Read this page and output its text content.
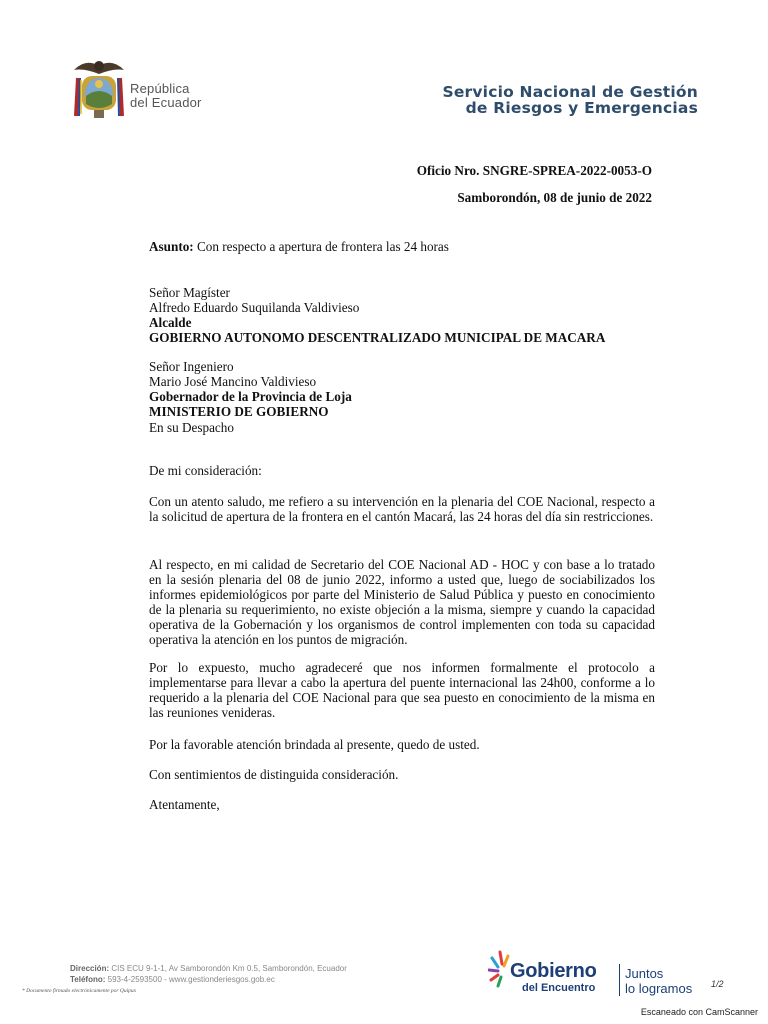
República
del Ecuador
Servicio Nacional de Gestión
de Riesgos y Emergencias
Oficio Nro. SNGRE-SPREA-2022-0053-O
Samborondón, 08 de junio de 2022
Asunto: Con respecto a apertura de frontera las 24 horas
Señor Magíster
Alfredo Eduardo Suquilanda Valdivieso
Alcalde
GOBIERNO AUTONOMO DESCENTRALIZADO MUNICIPAL DE MACARA
Señor Ingeniero
Mario José Mancino Valdivieso
Gobernador de la Provincia de Loja
MINISTERIO DE GOBIERNO
En su Despacho
De mi consideración:
Con un atento saludo, me refiero a su intervención en la plenaria del COE Nacional, respecto a la solicitud de apertura de la frontera en el cantón Macará, las 24 horas del día sin restricciones.
Al respecto, en mi calidad de Secretario del COE Nacional AD - HOC y con base a lo tratado en la sesión plenaria del 08 de junio 2022, informo a usted que, luego de sociabilizados los informes epidemiológicos por parte del Ministerio de Salud Pública y puesto en conocimiento de la plenaria su requerimiento, no existe objeción a la misma, siempre y cuando la capacidad operativa de la Gobernación y los organismos de control implementen con toda su capacidad operativa la atención en los puntos de migración.
Por lo expuesto, mucho agradeceré que nos informen formalmente el protocolo a implementarse para llevar a cabo la apertura del puente internacional las 24h00, conforme a lo requerido a la plenaria del COE Nacional para que sea puesto en conocimiento de la misma en las reuniones venideras.
Por la favorable atención brindada al presente, quedo de usted.
Con sentimientos de distinguida consideración.
Atentamente,
Dirección: CIS ECU 9-1-1, Av Samborondón Km 0.5, Samborondón, Ecuador
Teléfono: 593-4-2593500 - www.gestionderiesgos.gob.ec
* Documento firmado electrónicamente por Quipux
Gobierno
del Encuentro
Juntos
lo logramos 1/2
Escaneado con CamScanner
